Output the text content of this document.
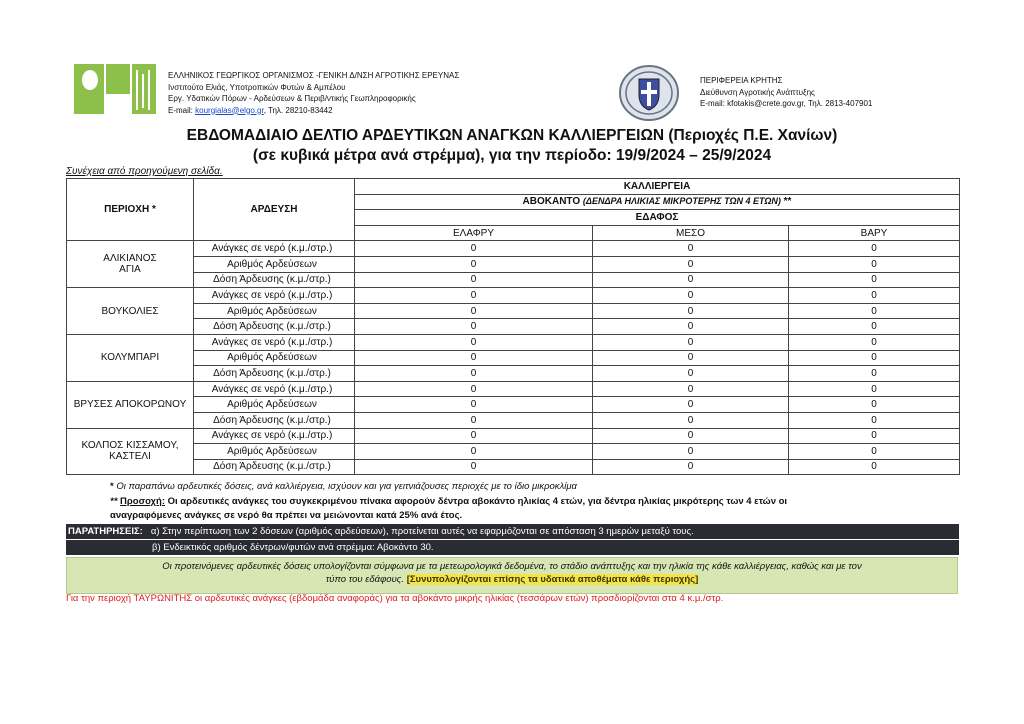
ΕΛΛΗΝΙΚΟΣ ΓΕΩΡΓΙΚΟΣ ΟΡΓΑΝΙΣΜΟΣ -ΓΕΝΙΚΗ Δ/ΝΣΗ ΑΓΡΟΤΙΚΗΣ ΕΡΕΥΝΑΣ
Ινστιτούτο Ελιάς, Υποτροπικών Φυτών & Αμπέλου
Εργ. Υδατικών Πόρων - Αρδεύσεων & Περιβ/ντικής Γεωπληροφορικής
E-mail: kourgialas@elgo.gr, Τηλ. 28210-83442
ΠΕΡΙΦΕΡΕΙΑ ΚΡΗΤΗΣ
Διεύθυνση Αγροτικής Ανάπτυξης
E-mail: kfotakis@crete.gov.gr, Τηλ. 2813-407901
ΕΒΔΟΜΑΔΙΑΙΟ ΔΕΛΤΙΟ ΑΡΔΕΥΤΙΚΩΝ ΑΝΑΓΚΩΝ ΚΑΛΛΙΕΡΓΕΙΩΝ (Περιοχές Π.Ε. Χανίων)
(σε κυβικά μέτρα ανά στρέμμα), για την περίοδο: 19/9/2024 – 25/9/2024
Συνέχεια από προηγούμενη σελίδα.
ΠΕΡΙΟΧΗ *	ΑΡΔΕΥΣΗ	ΚΑΛΛΙΕΡΓΕΙΑ		
		ΑΒΟΚΑΝΤΟ (ΔΕΝΔΡΑ ΗΛΙΚΙΑΣ ΜΙΚΡΟΤΕΡΗΣ ΤΩΝ 4 ΕΤΩΝ) **		
		ΕΔΑΦΟΣ		
		ΕΛΑΦΡΥ	ΜΕΣΟ	ΒΑΡΥ

ΑΛΙΚΙΑΝΟΣ
ΑΓΙΑ	Ανάγκες σε νερό (κ.μ./στρ.)	0	0	0
	Αριθμός Αρδεύσεων	0	0	0
	Δόση Άρδευσης (κ.μ./στρ.)	0	0	0

ΒΟΥΚΟΛΙΕΣ	Ανάγκες σε νερό (κ.μ./στρ.)	0	0	0
	Αριθμός Αρδεύσεων	0	0	0
	Δόση Άρδευσης (κ.μ./στρ.)	0	0	0

ΚΟΛΥΜΠΑΡΙ	Ανάγκες σε νερό (κ.μ./στρ.)	0	0	0
	Αριθμός Αρδεύσεων	0	0	0
	Δόση Άρδευσης (κ.μ./στρ.)	0	0	0

ΒΡΥΣΕΣ ΑΠΟΚΟΡΩΝΟΥ	Ανάγκες σε νερό (κ.μ./στρ.)	0	0	0
	Αριθμός Αρδεύσεων	0	0	0
	Δόση Άρδευσης (κ.μ./στρ.)	0	0	0

ΚΟΛΠΟΣ ΚΙΣΣΑΜΟΥ,
ΚΑΣΤΕΛΙ	Ανάγκες σε νερό (κ.μ./στρ.)	0	0	0
	Αριθμός Αρδεύσεων	0	0	0
	Δόση Άρδευσης (κ.μ./στρ.)	0	0	0
* Οι παραπάνω αρδευτικές δόσεις, ανά καλλιέργεια, ισχύουν και για γειτνιάζουσες περιοχές με το ίδιο μικροκλίμα
** Προσοχή: Οι αρδευτικές ανάγκες του συγκεκριμένου πίνακα αφορούν δέντρα αβοκάντο ηλικίας 4 ετών, για δέντρα ηλικίας μικρότερης των 4 ετών οι
αναγραφόμενες ανάγκες σε νερό θα πρέπει να μειώνονται κατά 25% ανά έτος.
ΠΑΡΑΤΗΡΗΣΕΙΣ: α) Στην περίπτωση των 2 δόσεων (αριθμός αρδεύσεων), προτείνεται αυτές να εφαρμόζονται σε απόσταση 3 ημερών μεταξύ τους.
β) Ενδεικτικός αριθμός δέντρων/φυτών ανά στρέμμα: Αβοκάντο 30.
Οι προτεινόμενες αρδευτικές δόσεις υπολογίζονται σύμφωνα με τα μετεωρολογικά δεδομένα, το στάδιο ανάπτυξης και την ηλικία της κάθε καλλιέργειας, καθώς και με τον
τύπο του εδάφους. [Συνυπολογίζονται επίσης τα υδατικά αποθέματα κάθε περιοχής]
Για την περιοχή ΤΑΥΡΩΝΙΤΗΣ οι αρδευτικές ανάγκες (εβδομάδα αναφοράς) για τα αβοκάντο μικρής ηλικίας (τεσσάρων ετών) προσδιορίζονται στα 4 κ.μ./στρ.
